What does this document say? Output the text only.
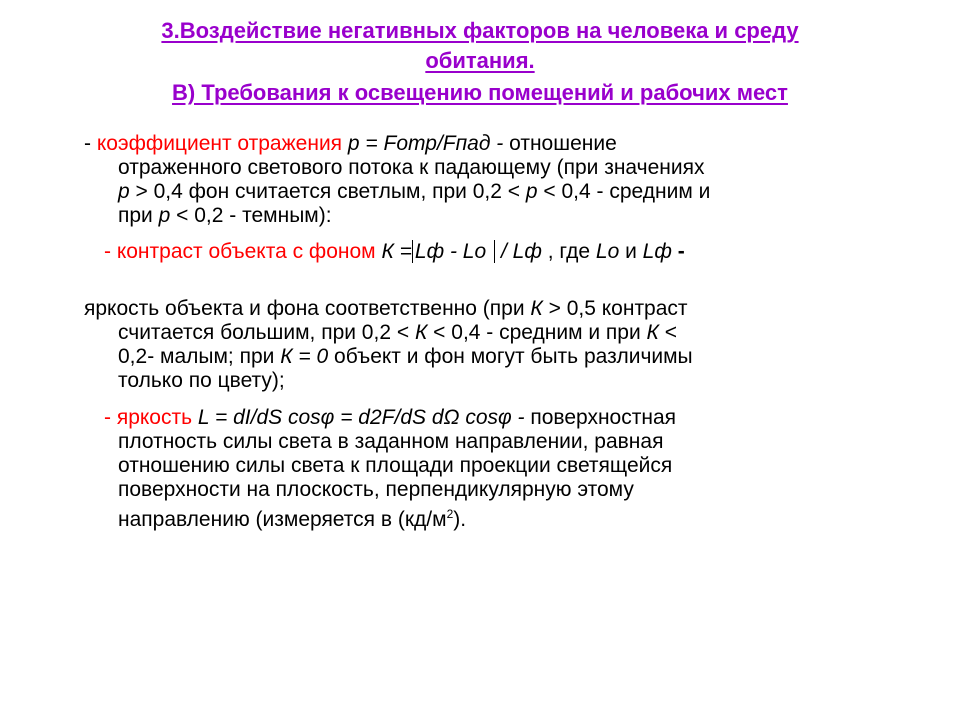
3.Воздействие негативных факторов на человека и среду
обитания.
В) Требования к освещению помещений и рабочих мест
- коэффициент отражения р = Fотр/Fпад - отношение
отраженного светового потока к падающему (при значениях
р > 0,4 фон считается светлым, при 0,2 < р < 0,4 - средним и
при р < 0,2 - темным):
- контраст объекта с фоном К = Lф - Lо / Lф , где Lо и Lф -
яркость объекта и фона соответственно (при К > 0,5 контраст
считается большим, при 0,2 < К < 0,4 - средним и при К <
0,2- малым; при К = 0 объект и фон могут быть различимы
только по цвету);
- яркость L = dI/dS cosφ = d2F/dS dΩ cosφ - поверхностная
плотность силы света в заданном направлении, равная
отношению силы света к площади проекции светящейся
поверхности на плоскость, перпендикулярную этому
направлению (измеряется в $(кд/м^2)$.
